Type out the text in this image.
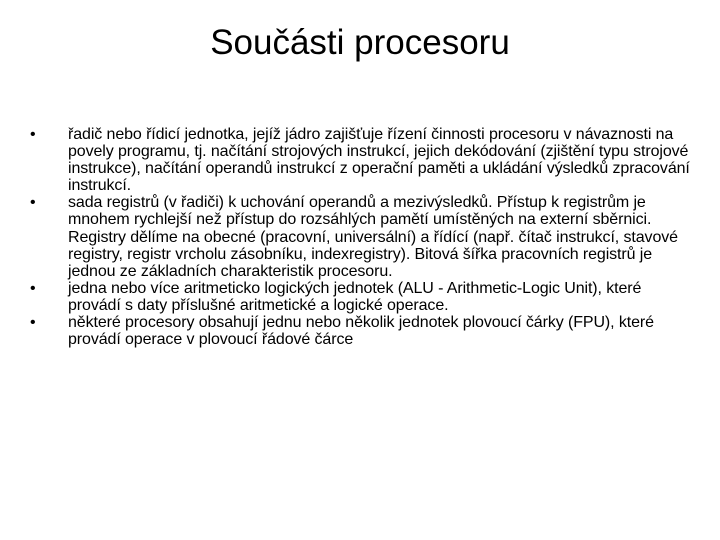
Součásti procesoru
•	řadič nebo řídicí jednotka, jejíž jádro zajišťuje řízení činnosti procesoru v návaznosti na povely programu, tj. načítání strojových instrukcí, jejich dekódování (zjištění typu strojové instrukce), načítání operandů instrukcí z operační paměti a ukládání výsledků zpracování instrukcí.
•	sada registrů (v řadiči) k uchování operandů a mezivýsledků. Přístup k registrům je mnohem rychlejší než přístup do rozsáhlých pamětí umístěných na externí sběrnici. Registry dělíme na obecné (pracovní, universální) a řídící (např. čítač instrukcí, stavové registry, registr vrcholu zásobníku, indexregistry). Bitová šířka pracovních registrů je jednou ze základních charakteristik procesoru.
•	jedna nebo více aritmeticko logických jednotek (ALU - Arithmetic-Logic Unit), které provádí s daty příslušné aritmetické a logické operace.
•	některé procesory obsahují jednu nebo několik jednotek plovoucí čárky (FPU), které provádí operace v plovoucí řádové čárce
